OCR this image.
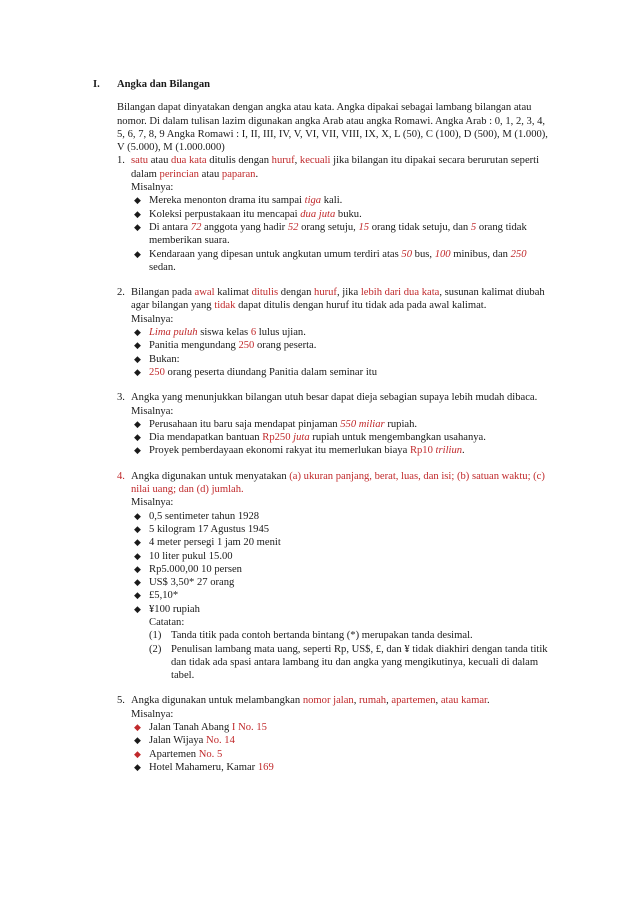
I. Angka dan Bilangan
Bilangan dapat dinyatakan dengan angka atau kata. Angka dipakai sebagai lambang bilangan atau
nomor. Di dalam tulisan lazim digunakan angka Arab atau angka Romawi. Angka Arab : 0, 1, 2, 3, 4,
5, 6, 7, 8, 9 Angka Romawi : I, II, III, IV, V, VI, VII, VIII, IX, X, L (50), C (100), D (500), M (1.000),
V (5.000), M (1.000.000)
1. satu atau dua kata ditulis dengan huruf, kecuali jika bilangan itu dipakai secara berurutan seperti
dalam perincian atau paparan.
Misalnya:
◆ Mereka menonton drama itu sampai tiga kali.
◆ Koleksi perpustakaan itu mencapai dua juta buku.
◆ Di antara 72 anggota yang hadir 52 orang setuju, 15 orang tidak setuju, dan 5 orang tidak
memberikan suara.
◆ Kendaraan yang dipesan untuk angkutan umum terdiri atas 50 bus, 100 minibus, dan 250
sedan.
2. Bilangan pada awal kalimat ditulis dengan huruf, jika lebih dari dua kata, susunan kalimat diubah
agar bilangan yang tidak dapat ditulis dengan huruf itu tidak ada pada awal kalimat.
Misalnya:
◆ Lima puluh siswa kelas 6 lulus ujian.
◆ Panitia mengundang 250 orang peserta.
◆ Bukan:
◆ 250 orang peserta diundang Panitia dalam seminar itu
3. Angka yang menunjukkan bilangan utuh besar dapat dieja sebagian supaya lebih mudah dibaca.
Misalnya:
◆ Perusahaan itu baru saja mendapat pinjaman 550 miliar rupiah.
◆ Dia mendapatkan bantuan Rp250 juta rupiah untuk mengembangkan usahanya.
◆ Proyek pemberdayaan ekonomi rakyat itu memerlukan biaya Rp10 triliun.
4. Angka digunakan untuk menyatakan (a) ukuran panjang, berat, luas, dan isi; (b) satuan waktu; (c)
nilai uang; dan (d) jumlah.
Misalnya:
◆ 0,5 sentimeter tahun 1928
◆ 5 kilogram 17 Agustus 1945
◆ 4 meter persegi 1 jam 20 menit
◆ 10 liter pukul 15.00
◆ Rp5.000,00 10 persen
◆ US$ 3,50* 27 orang
◆ £5,10*
◆ ¥100 rupiah
Catatan:
(1) Tanda titik pada contoh bertanda bintang (*) merupakan tanda desimal.
(2) Penulisan lambang mata uang, seperti Rp, US$, £, dan ¥ tidak diakhiri dengan tanda titik
dan tidak ada spasi antara lambang itu dan angka yang mengikutinya, kecuali di dalam
tabel.
5. Angka digunakan untuk melambangkan nomor jalan, rumah, apartemen, atau kamar.
Misalnya:
◆ Jalan Tanah Abang I No. 15
◆ Jalan Wijaya No. 14
◆ Apartemen No. 5
◆ Hotel Mahameru, Kamar 169
